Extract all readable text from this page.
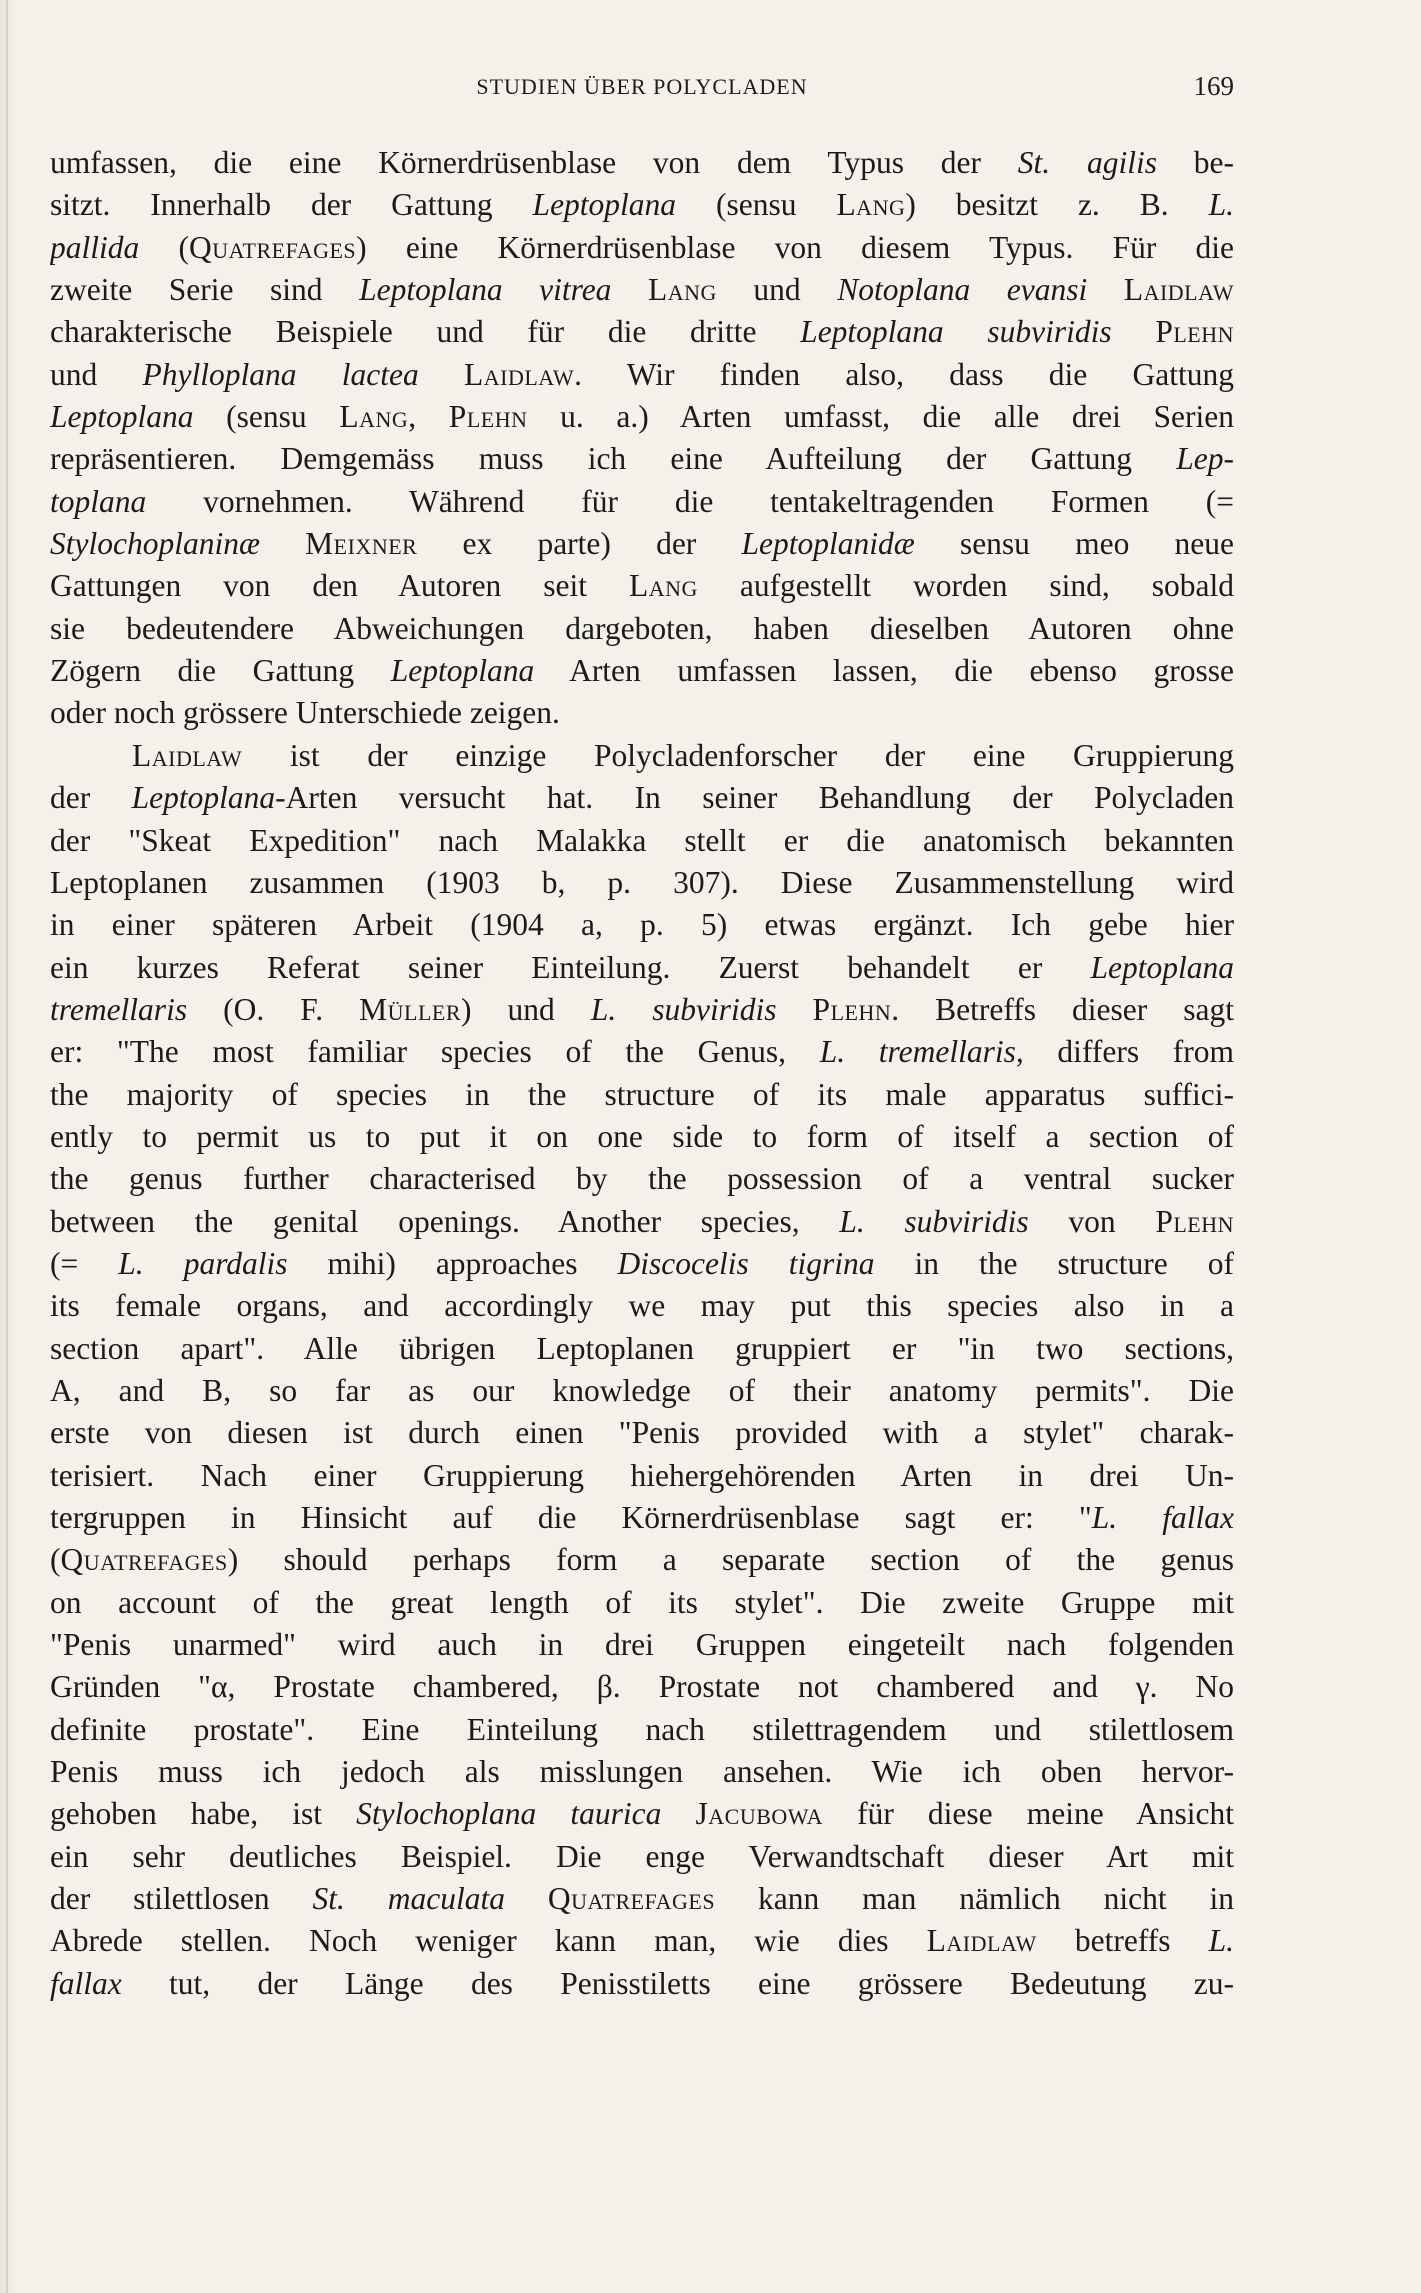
STUDIEN ÜBER POLYCLADEN	169
umfassen, die eine Körnerdrüsenblase von dem Typus der St. agilis be-
sitzt. Innerhalb der Gattung Leptoplana (sensu Lang) besitzt z. B. L.
pallida (Quatrefages) eine Körnerdrüsenblase von diesem Typus. Für die
zweite Serie sind Leptoplana vitrea Lang und Notoplana evansi Laidlaw
charakterische Beispiele und für die dritte Leptoplana subviridis Plehn
und Phylloplana lactea Laidlaw. Wir finden also, dass die Gattung
Leptoplana (sensu Lang, Plehn u. a.) Arten umfasst, die alle drei Serien
repräsentieren. Demgemäss muss ich eine Aufteilung der Gattung Lep-
toplana vornehmen. Während für die tentakeltragenden Formen (=
Stylochoplaninæ Meixner ex parte) der Leptoplanidæ sensu meo neue
Gattungen von den Autoren seit Lang aufgestellt worden sind, sobald
sie bedeutendere Abweichungen dargeboten, haben dieselben Autoren ohne
Zögern die Gattung Leptoplana Arten umfassen lassen, die ebenso grosse
oder noch grössere Unterschiede zeigen.
Laidlaw ist der einzige Polycladenforscher der eine Gruppierung
der Leptoplana-Arten versucht hat. In seiner Behandlung der Polycladen
der "Skeat Expedition" nach Malakka stellt er die anatomisch bekannten
Leptoplanen zusammen (1903 b, p. 307). Diese Zusammenstellung wird
in einer späteren Arbeit (1904 a, p. 5) etwas ergänzt. Ich gebe hier
ein kurzes Referat seiner Einteilung. Zuerst behandelt er Leptoplana
tremellaris (O. F. Müller) und L. subviridis Plehn. Betreffs dieser sagt
er: "The most familiar species of the Genus, L. tremellaris, differs from
the majority of species in the structure of its male apparatus suffici-
ently to permit us to put it on one side to form of itself a section of
the genus further characterised by the possession of a ventral sucker
between the genital openings. Another species, L. subviridis von Plehn
(= L. pardalis mihi) approaches Discocelis tigrina in the structure of
its female organs, and accordingly we may put this species also in a
section apart". Alle übrigen Leptoplanen gruppiert er "in two sections,
A, and B, so far as our knowledge of their anatomy permits". Die
erste von diesen ist durch einen "Penis provided with a stylet" charak-
terisiert. Nach einer Gruppierung hiehergehörenden Arten in drei Un-
tergruppen in Hinsicht auf die Körnerdrüsenblase sagt er: "L. fallax
(Quatrefages) should perhaps form a separate section of the genus
on account of the great length of its stylet". Die zweite Gruppe mit
"Penis unarmed" wird auch in drei Gruppen eingeteilt nach folgenden
Gründen "α, Prostate chambered, β. Prostate not chambered and γ. No
definite prostate". Eine Einteilung nach stilettragendem und stilettlosem
Penis muss ich jedoch als misslungen ansehen. Wie ich oben hervor-
gehoben habe, ist Stylochoplana taurica Jacubowa für diese meine Ansicht
ein sehr deutliches Beispiel. Die enge Verwandtschaft dieser Art mit
der stilettlosen St. maculata Quatrefages kann man nämlich nicht in
Abrede stellen. Noch weniger kann man, wie dies Laidlaw betreffs L.
fallax tut, der Länge des Penisstiletts eine grössere Bedeutung zu-
